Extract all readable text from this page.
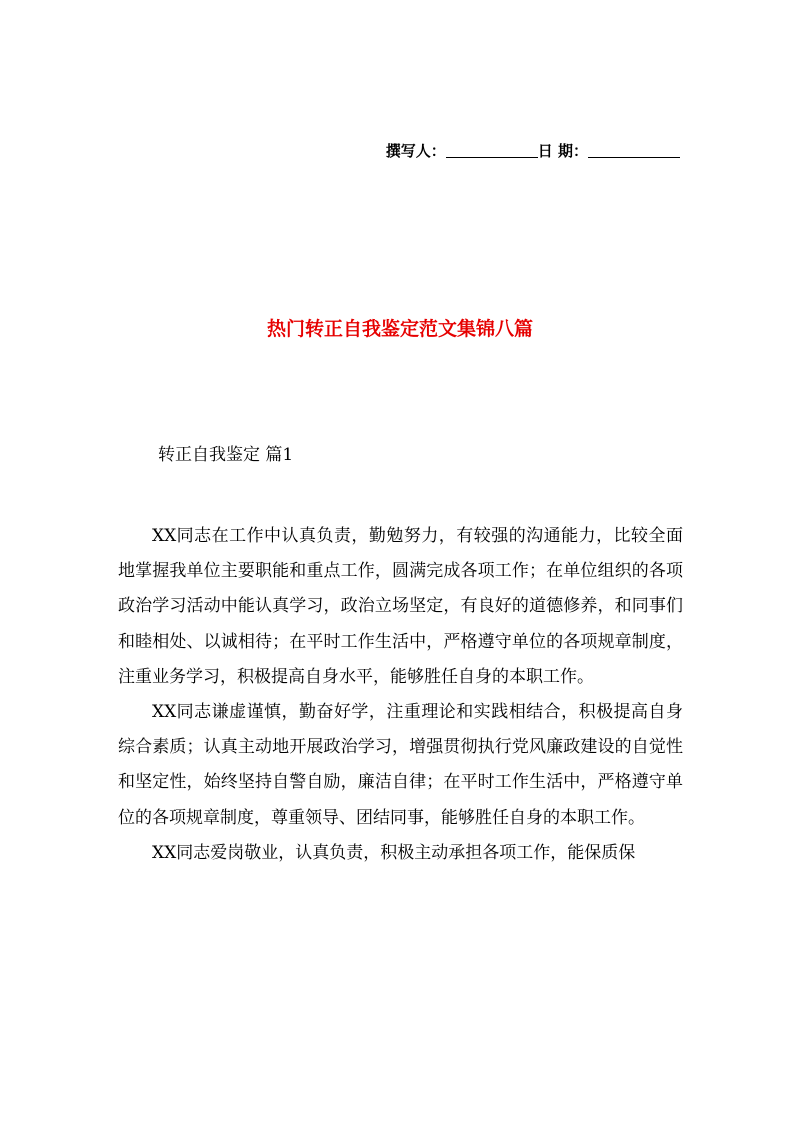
撰写人：	日 期：
热门转正自我鉴定范文集锦八篇
转正自我鉴定 篇1

XX同志在工作中认真负责，勤勉努力，有较强的沟通能力，比较全面地掌握我单位主要职能和重点工作，圆满完成各项工作；在单位组织的各项政治学习活动中能认真学习，政治立场坚定，有良好的道德修养，和同事们和睦相处、以诚相待；在平时工作生活中，严格遵守单位的各项规章制度，注重业务学习，积极提高自身水平，能够胜任自身的本职工作。

XX同志谦虚谨慎，勤奋好学，注重理论和实践相结合，积极提高自身综合素质；认真主动地开展政治学习，增强贯彻执行党风廉政建设的自觉性和坚定性，始终坚持自警自励，廉洁自律；在平时工作生活中，严格遵守单位的各项规章制度，尊重领导、团结同事，能够胜任自身的本职工作。

XX同志爱岗敬业，认真负责，积极主动承担各项工作，能保质保
